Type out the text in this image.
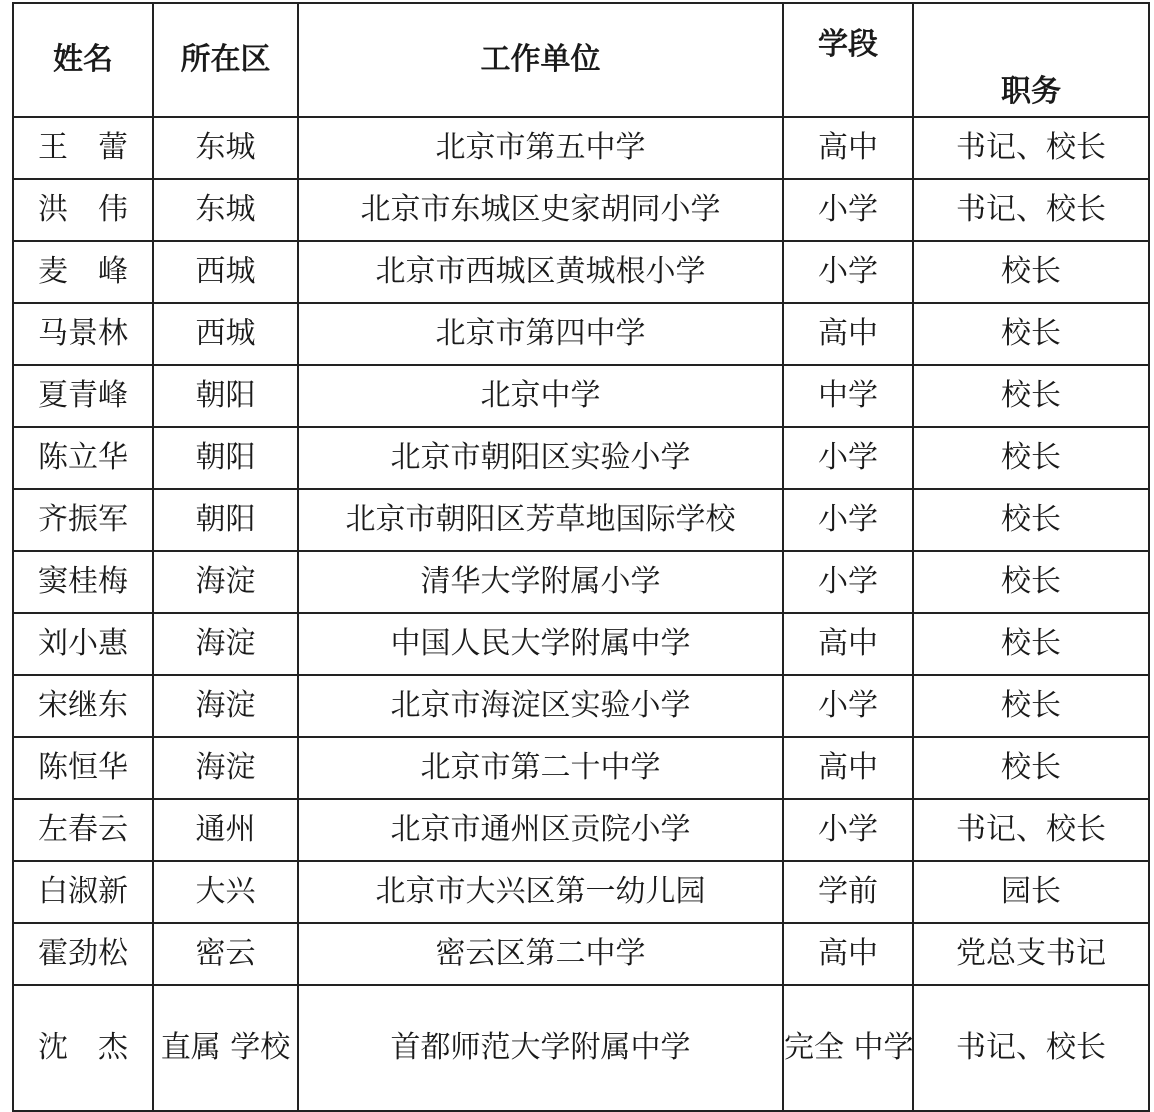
姓名	所在区	工作单位	学段	职务
王　蕾	东城	北京市第五中学	高中	书记、校长
洪　伟	东城	北京市东城区史家胡同小学	小学	书记、校长
麦　峰	西城	北京市西城区黄城根小学	小学	校长
马景林	西城	北京市第四中学	高中	校长
夏青峰	朝阳	北京中学	中学	校长
陈立华	朝阳	北京市朝阳区实验小学	小学	校长
齐振军	朝阳	北京市朝阳区芳草地国际学校	小学	校长
窦桂梅	海淀	清华大学附属小学	小学	校长
刘小惠	海淀	中国人民大学附属中学	高中	校长
宋继东	海淀	北京市海淀区实验小学	小学	校长
陈恒华	海淀	北京市第二十中学	高中	校长
左春云	通州	北京市通州区贡院小学	小学	书记、校长
白淑新	大兴	北京市大兴区第一幼儿园	学前	园长
霍劲松	密云	密云区第二中学	高中	党总支书记
沈　杰	直属 学校	首都师范大学附属中学	完全 中学	书记、校长
